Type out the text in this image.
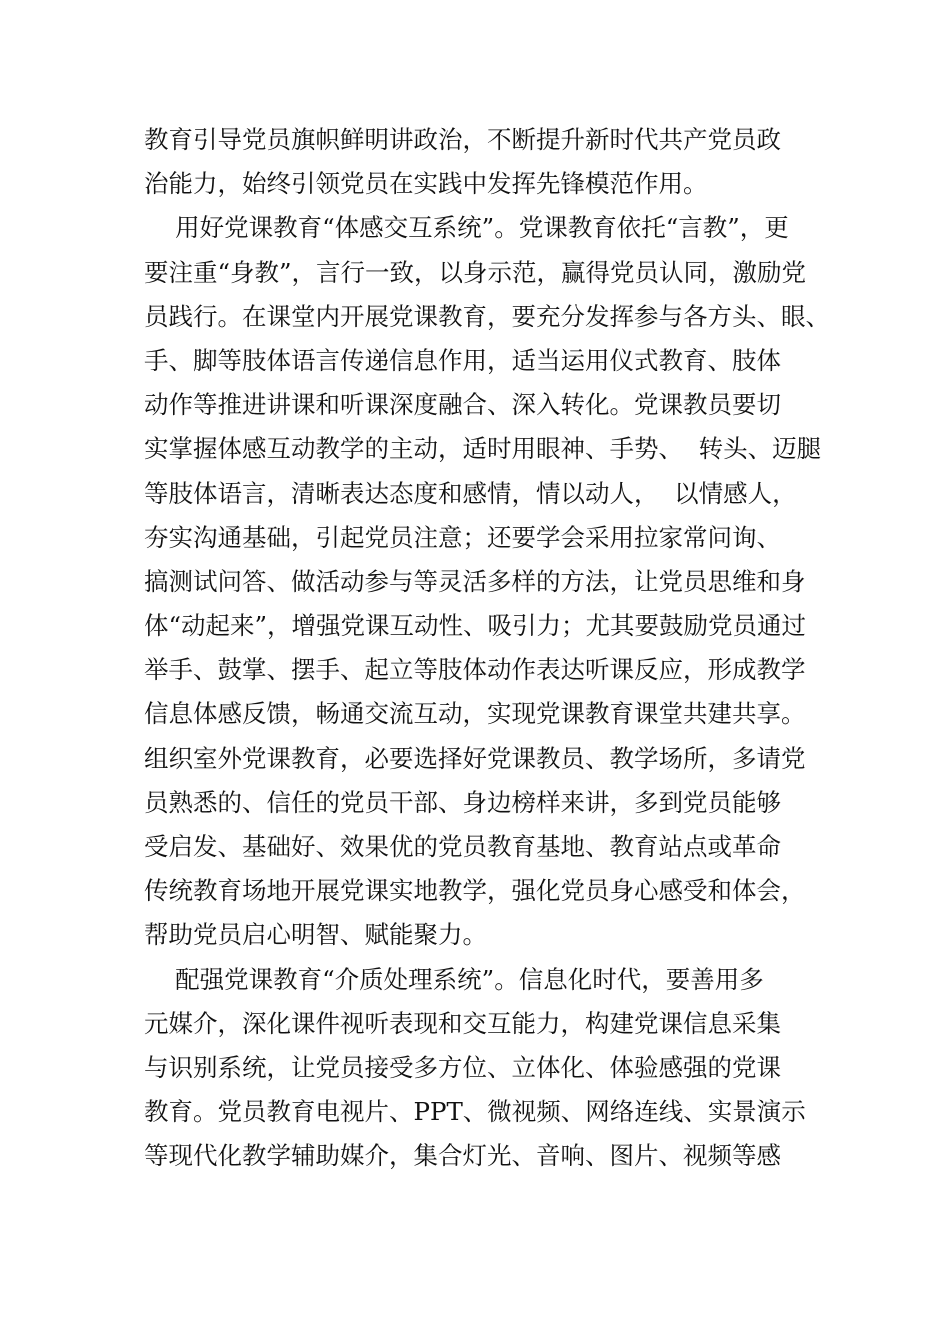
教育引导党员旗帜鲜明讲政治，不断提升新时代共产党员政
治能力，始终引领党员在实践中发挥先锋模范作用。
用好党课教育“体感交互系统”。党课教育依托“言教”，更
要注重“身教”，言行一致，以身示范，赢得党员认同，激励党
员践行。在课堂内开展党课教育，要充分发挥参与各方头、眼、
手、脚等肢体语言传递信息作用，适当运用仪式教育、肢体
动作等推进讲课和听课深度融合、深入转化。党课教员要切
实掌握体感互动教学的主动，适时用眼神、手势、  转头、迈腿
等肢体语言，清晰表达态度和感情，情以动人，  以情感人，
夯实沟通基础，引起党员注意；还要学会采用拉家常问询、
搞测试问答、做活动参与等灵活多样的方法，让党员思维和身
体“动起来”，增强党课互动性、吸引力；尤其要鼓励党员通过
举手、鼓掌、摆手、起立等肢体动作表达听课反应，形成教学
信息体感反馈，畅通交流互动，实现党课教育课堂共建共享。
组织室外党课教育，必要选择好党课教员、教学场所，多请党
员熟悉的、信任的党员干部、身边榜样来讲，多到党员能够
受启发、基础好、效果优的党员教育基地、教育站点或革命
传统教育场地开展党课实地教学，强化党员身心感受和体会，
帮助党员启心明智、赋能聚力。
配强党课教育“介质处理系统”。信息化时代，要善用多
元媒介，深化课件视听表现和交互能力，构建党课信息采集
与识别系统，让党员接受多方位、立体化、体验感强的党课
教育。党员教育电视片、PPT、微视频、网络连线、实景演示
等现代化教学辅助媒介，集合灯光、音响、图片、视频等感
